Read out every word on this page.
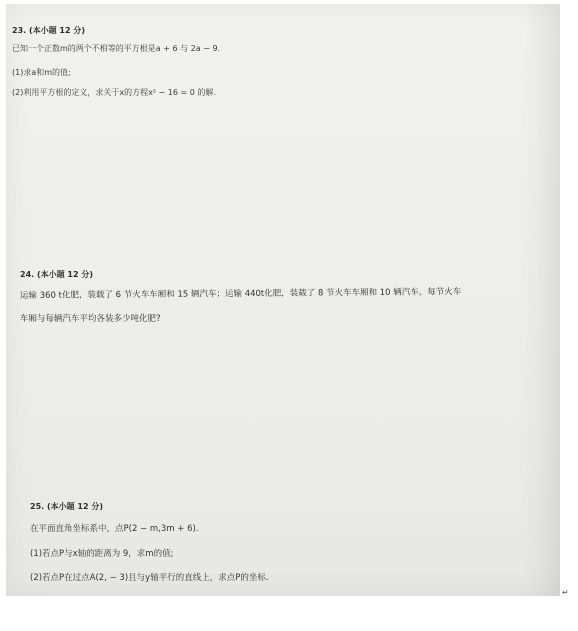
23. (本小题 12 分)
已知一个正数m的两个不相等的平方根是a + 6 与 2a − 9.
(1)求a和m的值;
(2)利用平方根的定义，求关于x的方程x² − 16 = 0 的解.
24. (本小题 12 分)
运输 360 t化肥，装载了 6 节火车车厢和 15 辆汽车；运输 440t化肥，装载了 8 节火车车厢和 10 辆汽车，每节火车
车厢与每辆汽车平均各装多少吨化肥?
25. (本小题 12 分)
在平面直角坐标系中，点P(2 − m,3m + 6).
(1)若点P与x轴的距离为 9，求m的值;
(2)若点P在过点A(2, − 3)且与y轴平行的直线上，求点P的坐标.
↵
